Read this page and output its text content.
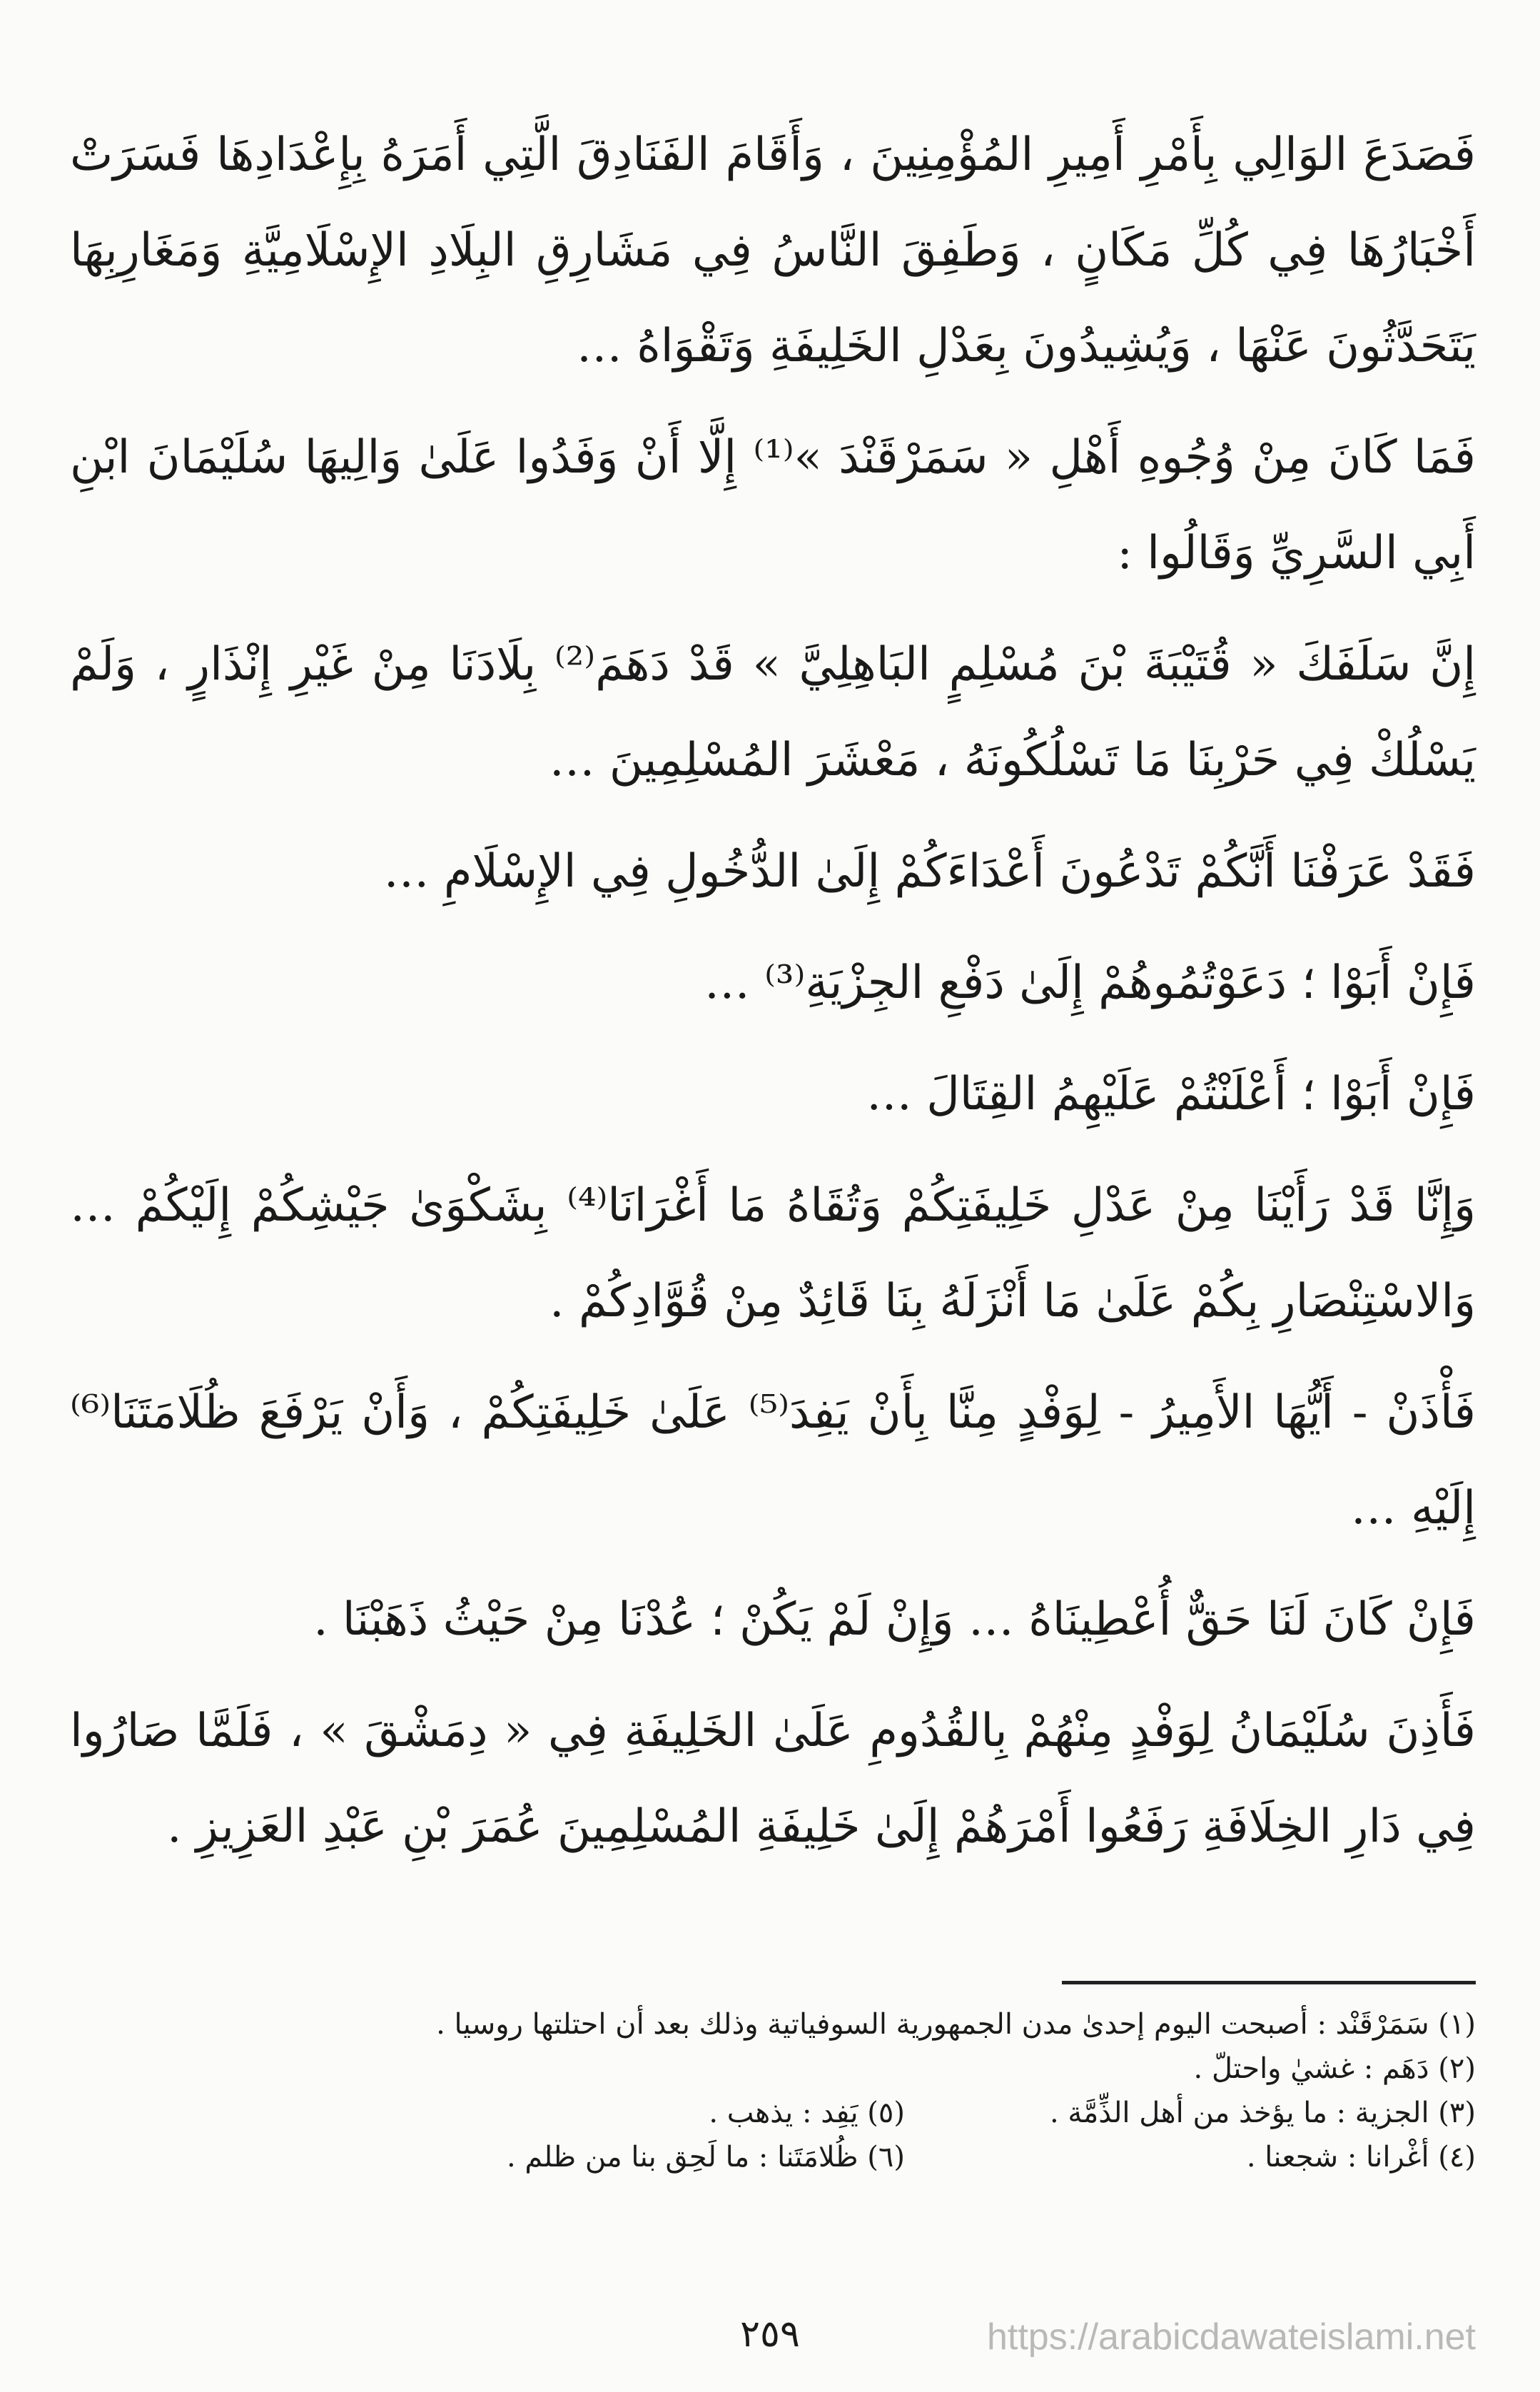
فَصَدَعَ الوَالِي بِأَمْرِ أَمِيرِ المُؤْمِنِينَ ، وَأَقَامَ الفَنَادِقَ الَّتِي أَمَرَهُ بِإِعْدَادِهَا فَسَرَتْ أَخْبَارُهَا فِي كُلِّ مَكَانٍ ، وَطَفِقَ النَّاسُ فِي مَشَارِقِ البِلَادِ الإِسْلَامِيَّةِ وَمَغَارِبِهَا يَتَحَدَّثُونَ عَنْهَا ، وَيُشِيدُونَ بِعَدْلِ الخَلِيفَةِ وَتَقْوَاهُ …

فَمَا كَانَ مِنْ وُجُوهِ أَهْلِ « سَمَرْقَنْدَ »⁽¹⁾ إِلَّا أَنْ وَفَدُوا عَلَىٰ وَالِيهَا سُلَيْمَانَ ابْنِ أَبِي السَّرِيِّ وَقَالُوا :

إِنَّ سَلَفَكَ « قُتَيْبَةَ بْنَ مُسْلِمٍ البَاهِلِيَّ » قَدْ دَهَمَ⁽²⁾ بِلَادَنَا مِنْ غَيْرِ إِنْذَارٍ ، وَلَمْ يَسْلُكْ فِي حَرْبِنَا مَا تَسْلُكُونَهُ ، مَعْشَرَ المُسْلِمِينَ …

فَقَدْ عَرَفْنَا أَنَّكُمْ تَدْعُونَ أَعْدَاءَكُمْ إِلَىٰ الدُّخُولِ فِي الإِسْلَامِ …

فَإِنْ أَبَوْا ؛ دَعَوْتُمُوهُمْ إِلَىٰ دَفْعِ الجِزْيَةِ⁽³⁾ …

فَإِنْ أَبَوْا ؛ أَعْلَنْتُمْ عَلَيْهِمُ القِتَالَ …

وَإِنَّا قَدْ رَأَيْنَا مِنْ عَدْلِ خَلِيفَتِكُمْ وَتُقَاهُ مَا أَغْرَانَا⁽⁴⁾ بِشَكْوَىٰ جَيْشِكُمْ إِلَيْكُمْ … وَالاسْتِنْصَارِ بِكُمْ عَلَىٰ مَا أَنْزَلَهُ بِنَا قَائِدٌ مِنْ قُوَّادِكُمْ .

فَأْذَنْ - أَيُّهَا الأَمِيرُ - لِوَفْدٍ مِنَّا بِأَنْ يَفِدَ⁽⁵⁾ عَلَىٰ خَلِيفَتِكُمْ ، وَأَنْ يَرْفَعَ ظُلَامَتَنَا⁽⁶⁾ إِلَيْهِ …

فَإِنْ كَانَ لَنَا حَقٌّ أُعْطِينَاهُ … وَإِنْ لَمْ يَكُنْ ؛ عُدْنَا مِنْ حَيْثُ ذَهَبْنَا .

فَأَذِنَ سُلَيْمَانُ لِوَفْدٍ مِنْهُمْ بِالقُدُومِ عَلَىٰ الخَلِيفَةِ فِي « دِمَشْقَ » ، فَلَمَّا صَارُوا فِي دَارِ الخِلَافَةِ رَفَعُوا أَمْرَهُمْ إِلَىٰ خَلِيفَةِ المُسْلِمِينَ عُمَرَ بْنِ عَبْدِ العَزِيزِ .

(١) سَمَرْقَنْد : أصبحت اليوم إحدىٰ مدن الجمهورية السوفياتية وذلك بعد أن احتلتها روسيا .
(٢) دَهَم : غشيٰ واحتلّ .
(٣) الجزية : ما يؤخذ من أهل الذِّمَّة .
(٥) يَفِد : يذهب .
(٤) أغْرانا : شجعنا .
(٦) ظُلامَتَنا : ما لَحِق بنا من ظلم .
٢٥٩	https://arabicdawateislami.net
